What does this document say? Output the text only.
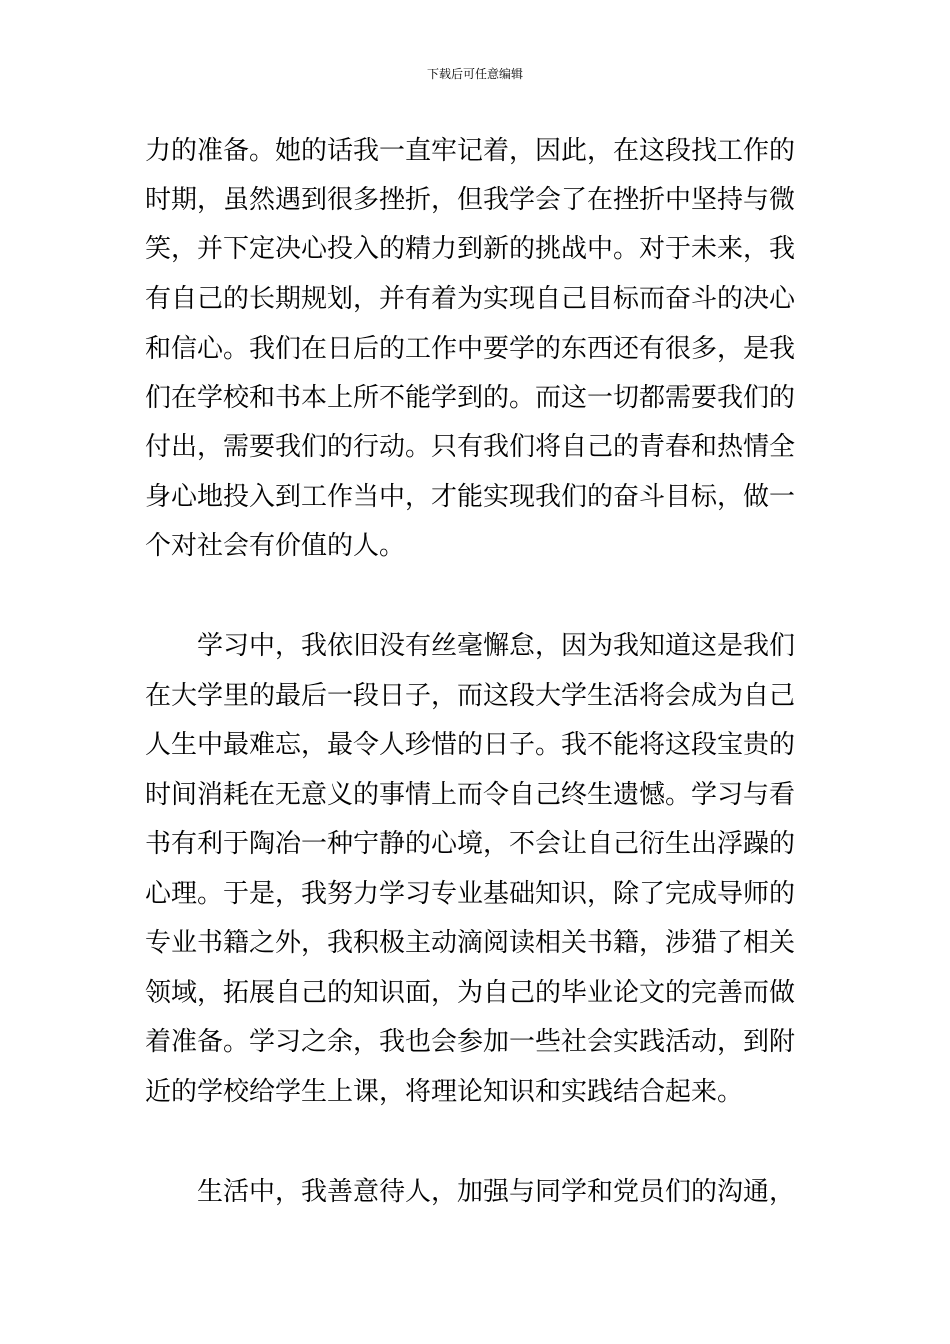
下载后可任意编辑
力的准备。她的话我一直牢记着，因此，在这段找工作的
时期，虽然遇到很多挫折，但我学会了在挫折中坚持与微
笑，并下定决心投入的精力到新的挑战中。对于未来，我
有自己的长期规划，并有着为实现自己目标而奋斗的决心
和信心。我们在日后的工作中要学的东西还有很多，是我
们在学校和书本上所不能学到的。而这一切都需要我们的
付出，需要我们的行动。只有我们将自己的青春和热情全
身心地投入到工作当中，才能实现我们的奋斗目标，做一
个对社会有价值的人。
学习中，我依旧没有丝毫懈怠，因为我知道这是我们
在大学里的最后一段日子，而这段大学生活将会成为自己
人生中最难忘，最令人珍惜的日子。我不能将这段宝贵的
时间消耗在无意义的事情上而令自己终生遗憾。学习与看
书有利于陶冶一种宁静的心境，不会让自己衍生出浮躁的
心理。于是，我努力学习专业基础知识，除了完成导师的
专业书籍之外，我积极主动滴阅读相关书籍，涉猎了相关
领域，拓展自己的知识面，为自己的毕业论文的完善而做
着准备。学习之余，我也会参加一些社会实践活动，到附
近的学校给学生上课，将理论知识和实践结合起来。
生活中，我善意待人，加强与同学和党员们的沟通，
